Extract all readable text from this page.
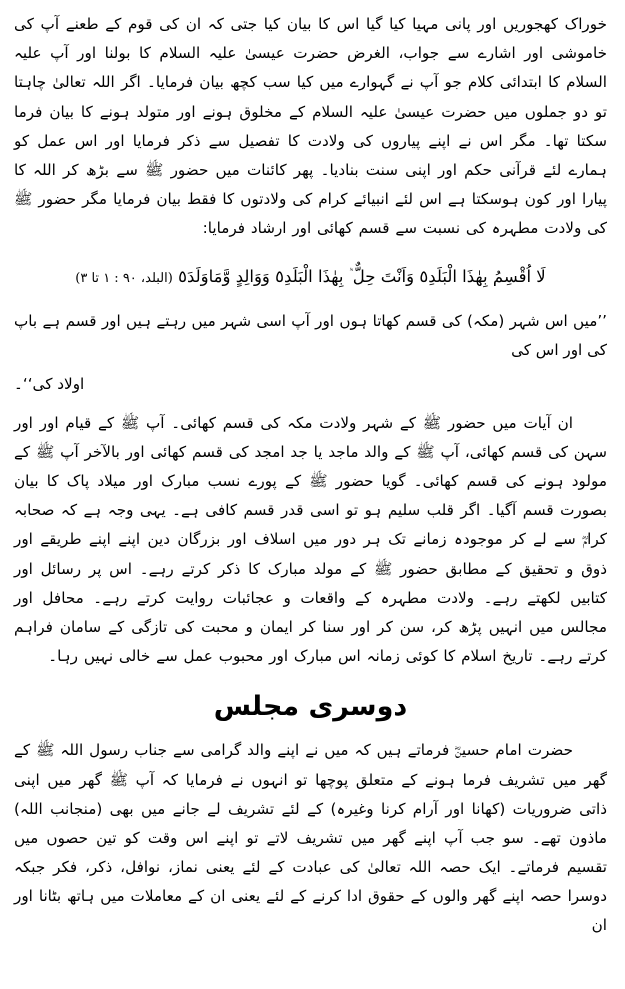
خوراک کھجوریں اور پانی مہیا کیا گیا اس کا بیان کیا جتی کہ ان کی قوم کے طعنے آپ کی خاموشی اور اشارے سے جواب، الغرض حضرت عیسیٰ علیہ السلام کا بولنا اور آپ علیہ السلام کا ابتدائی کلام جو آپ نے گہوارے میں کیا سب کچھ بیان فرمایا۔ اگر اللہ تعالیٰ چاہتا تو دو جملوں میں حضرت عیسیٰ علیہ السلام کے مخلوق ہونے اور متولد ہونے کا بیان فرما سکتا تھا۔ مگر اس نے اپنے پیاروں کی ولادت کا تفصیل سے ذکر فرمایا اور اس عمل کو ہمارے لئے قرآنی حکم اور اپنی سنت بنادیا۔ پھر کائنات میں حضور ﷺ سے بڑھ کر اللہ کا پیارا اور کون ہوسکتا ہے اس لئے انبیائے کرام کی ولادتوں کا فقط بیان فرمایا مگر حضور ﷺ کی ولادت مطہرہ کی نسبت سے قسم کھائی اور ارشاد فرمایا:
لَا اُقْسِمُ بِهٰذَا الْبَلَدِ٥ وَاَنْتَ حِلٌّ ٞ بِهٰذَا الْبَلَدِ٥ وَوَالِدٍ وَّمَاوَلَدَ٥ (البلد، ٩٠ : ١ تا ٣)
’’میں اس شہر (مکہ) کی قسم کھاتا ہوں اور آپ اسی شہر میں رہتے ہیں اور قسم ہے باپ کی اور اس کی
اولاد کی‘‘۔
ان آیات میں حضور ﷺ کے شہر ولادت مکہ کی قسم کھائی۔ آپ ﷺ کے قیام اور اور سہن کی قسم کھائی، آپ ﷺ کے والد ماجد یا جد امجد کی قسم کھائی اور بالآخر آپ ﷺ کے مولود ہونے کی قسم کھائی۔ گویا حضور ﷺ کے پورے نسب مبارک اور میلاد پاک کا بیان بصورت قسم آگیا۔ اگر قلب سلیم ہو تو اسی قدر قسم کافی ہے۔ یہی وجہ ہے کہ صحابہ کرامؓ سے لے کر موجودہ زمانے تک ہر دور میں اسلاف اور بزرگان دین اپنے اپنے طریقے اور ذوق و تحقیق کے مطابق حضور ﷺ کے مولد مبارک کا ذکر کرتے رہے۔ اس پر رسائل اور کتابیں لکھتے رہے۔ ولادت مطہرہ کے واقعات و عجائبات روایت کرتے رہے۔ محافل اور مجالس میں انہیں پڑھ کر، سن کر اور سنا کر ایمان و محبت کی تازگی کے سامان فراہم کرتے رہے۔ تاریخ اسلام کا کوئی زمانہ اس مبارک اور محبوب عمل سے خالی نہیں رہا۔
دوسری مجلس
حضرت امام حسینؓ فرماتے ہیں کہ میں نے اپنے والد گرامی سے جناب رسول اللہ ﷺ کے گھر میں تشریف فرما ہونے کے متعلق پوچھا تو انہوں نے فرمایا کہ آپ ﷺ گھر میں اپنی ذاتی ضروریات (کھانا اور آرام کرنا وغیرہ) کے لئے تشریف لے جانے میں بھی (منجانب اللہ) ماذون تھے۔ سو جب آپ اپنے گھر میں تشریف لاتے تو اپنے اس وقت کو تین حصوں میں تقسیم فرماتے۔ ایک حصہ اللہ تعالیٰ کی عبادت کے لئے یعنی نماز، نوافل، ذکر، فکر جبکہ دوسرا حصہ اپنے گھر والوں کے حقوق ادا کرنے کے لئے یعنی ان کے معاملات میں ہاتھ بٹانا اور ان
